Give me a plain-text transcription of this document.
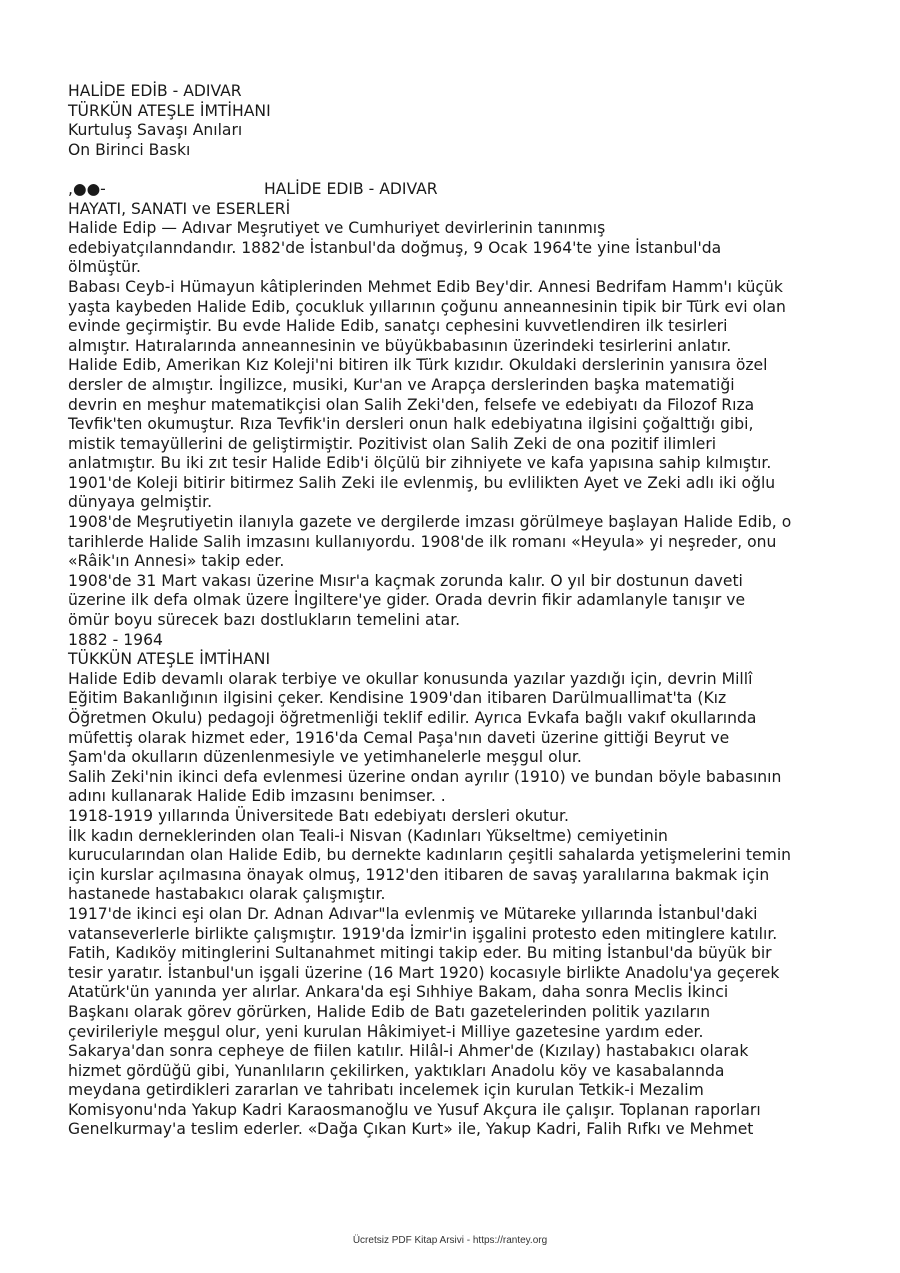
HALİDE EDİB - ADIVAR
TÜRKÜN ATEŞLE İMTİHANI
Kurtuluş Savaşı Anıları
On Birinci Baskı
,●●-	HALİDE EDIB - ADIVAR
HAYATI, SANATI ve ESERLERİ
Halide Edip — Adıvar Meşrutiyet ve Cumhuriyet devirlerinin tanınmış
edebiyatçılanndandır. 1882'de İstanbul'da doğmuş, 9 Ocak 1964'te yine İstanbul'da
ölmüştür.
Babası Ceyb-i Hümayun kâtiplerinden Mehmet Edib Bey'dir. Annesi Bedrifam Hamm'ı küçük
yaşta kaybeden Halide Edib, çocukluk yıllarının çoğunu anneannesinin tipik bir Türk evi olan
evinde geçirmiştir. Bu evde Halide Edib, sanatçı cephesini kuvvetlendiren ilk tesirleri
almıştır. Hatıralarında anneannesinin ve büyükbabasının üzerindeki tesirlerini anlatır.
Halide Edib, Amerikan Kız Koleji'ni bitiren ilk Türk kızıdır. Okuldaki derslerinin yanısıra özel
dersler de almıştır. İngilizce, musiki, Kur'an ve Arapça derslerinden başka matematiği
devrin en meşhur matematikçisi olan Salih Zeki'den, felsefe ve edebiyatı da Filozof Rıza
Tevfik'ten okumuştur. Rıza Tevfik'in dersleri onun halk edebiyatına ilgisini çoğalttığı gibi,
mistik temayüllerini de geliştirmiştir. Pozitivist olan Salih Zeki de ona pozitif ilimleri
anlatmıştır. Bu iki zıt tesir Halide Edib'i ölçülü bir zihniyete ve kafa yapısına sahip kılmıştır.
1901'de Koleji bitirir bitirmez Salih Zeki ile evlenmiş, bu evlilikten Ayet ve Zeki adlı iki oğlu
dünyaya gelmiştir.
1908'de Meşrutiyetin ilanıyla gazete ve dergilerde imzası görülmeye başlayan Halide Edib, o
tarihlerde Halide Salih imzasını kullanıyordu. 1908'de ilk romanı «Heyula» yi neşreder, onu
«Râik'ın Annesi» takip eder.
1908'de 31 Mart vakası üzerine Mısır'a kaçmak zorunda kalır. O yıl bir dostunun daveti
üzerine ilk defa olmak üzere İngiltere'ye gider. Orada devrin fikir adamlanyle tanışır ve
ömür boyu sürecek bazı dostlukların temelini atar.
1882 - 1964
TÜKKÜN ATEŞLE İMTİHANI
Halide Edib devamlı olarak terbiye ve okullar konusunda yazılar yazdığı için, devrin Millî
Eğitim Bakanlığının ilgisini çeker. Kendisine 1909'dan itibaren Darülmuallimat'ta (Kız
Öğretmen Okulu) pedagoji öğretmenliği teklif edilir. Ayrıca Evkafa bağlı vakıf okullarında
müfettiş olarak hizmet eder, 1916'da Cemal Paşa'nın daveti üzerine gittiği Beyrut ve
Şam'da okulların düzenlenmesiyle ve yetimhanelerle meşgul olur.
Salih Zeki'nin ikinci defa evlenmesi üzerine ondan ayrılır (1910) ve bundan böyle babasının
adını kullanarak Halide Edib imzasını benimser. .
1918-1919 yıllarında Üniversitede Batı edebiyatı dersleri okutur.
İlk kadın derneklerinden olan Teali-i Nisvan (Kadınları Yükseltme) cemiyetinin
kurucularından olan Halide Edib, bu dernekte kadınların çeşitli sahalarda yetişmelerini temin
için kurslar açılmasına önayak olmuş, 1912'den itibaren de savaş yaralılarına bakmak için
hastanede hastabakıcı olarak çalışmıştır.
1917'de ikinci eşi olan Dr. Adnan Adıvar"la evlenmiş ve Mütareke yıllarında İstanbul'daki
vatanseverlerle birlikte çalışmıştır. 1919'da İzmir'in işgalini protesto eden mitinglere katılır.
Fatih, Kadıköy mitinglerini Sultanahmet mitingi takip eder. Bu miting İstanbul'da büyük bir
tesir yaratır. İstanbul'un işgali üzerine (16 Mart 1920) kocasıyle birlikte Anadolu'ya geçerek
Atatürk'ün yanında yer alırlar. Ankara'da eşi Sıhhiye Bakam, daha sonra Meclis İkinci
Başkanı olarak görev görürken, Halide Edib de Batı gazetelerinden politik yazıların
çevirileriyle meşgul olur, yeni kurulan Hâkimiyet-i Milliye gazetesine yardım eder.
Sakarya'dan sonra cepheye de fiilen katılır. Hilâl-i Ahmer'de (Kızılay) hastabakıcı olarak
hizmet gördüğü gibi, Yunanlıların çekilirken, yaktıkları Anadolu köy ve kasabalannda
meydana getirdikleri zararlan ve tahribatı incelemek için kurulan Tetkik-i Mezalim
Komisyonu'nda Yakup Kadri Karaosmanoğlu ve Yusuf Akçura ile çalışır. Toplanan raporları
Genelkurmay'a teslim ederler. «Dağa Çıkan Kurt» ile, Yakup Kadri, Falih Rıfkı ve Mehmet
Ücretsiz PDF Kitap Arsivi - https://rantey.org
